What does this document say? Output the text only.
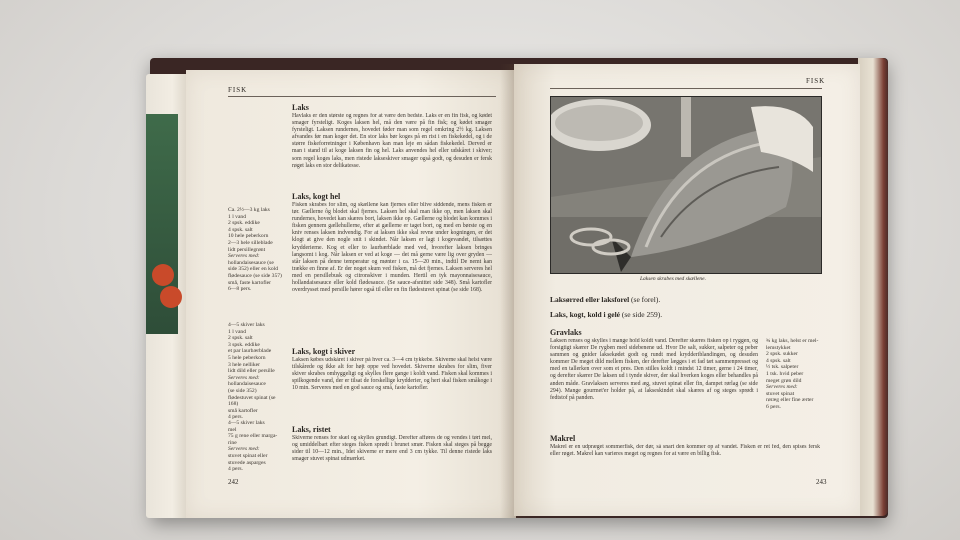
FISK
Laks
Havlaks er den største og regnes for at være den bedste. Laks er en fin fisk, og kødet smager fyrsteligt. Koges laksen hel, må den være på fin fisk; og kødet smager fyrsteligt. Laksen rundernes, hovedet føder man som regel omkring 2½ kg. Laksen afvandes før man koger det. En stor laks bør koges på en rist i en fiskekedel, og i de større fiskeforretninger i København kan man leje en sådan fiskekedel. Derved er man i stand til at koge laksen fin og hel. Laks anvendes hel eller udskåret i skiver; som regel koges laks, men ristede lakseskiver smager også godt, og desuden er fersk røget laks en stor delikatesse.
Laks, kogt hel
Fisken skrabes for slim, og skællene kan fjernes eller blive siddende, mens fisken er tør. Gællerne ôg blodet skal fjernes. Laksen hel skal man ikke op, men laksen skal rundernes, hovedet kan skæres bort, laksen ikke op. Gællerne og blodet kan kommes i fisken gennem gællehullerne, efter at gællerne er taget bort, og med en børste og en kniv renses laksen indvendig. For at laksen ikke skal revne under kogningen, er det klogt at give den nogle snit i skindet. Når laksen er lagt i kogevandet, tilsættes krydderierne. Kog et eller to laurbærblade med ved, hvorefter laksen bringes langsomt i kog. Når laksen er ved at koge — det må gerne være lig over gryden — står laksen på denne temperatur og mønter i ca. 15—20 min., indtil De nemt kan trække en finne af. Er der noget skum ved fisken, må det fjernes. Laksen serveres hel med en persillebusk og citronskiver i munden. Hertil en tyk mayonnaisesauce, hollandaisesauce eller kold flødesauce. (Se sauce-afsnittet side 348). Små kartofler overdrysset med persille hører også til eller en fin flødestuvet spinat (se side 168).
Laks, kogt i skiver
Laksen købes udskåret i skiver på hver ca. 3—4 cm tykkebe. Skiverne skal helst være tilskårede og ikke alt for højt oppe ved hovedet. Skiverne skrabes for slim, fiver skiver skrabes omhyggeligt og skylles flere gange i koldt vand. Fisken skal kommes i spilkogende vand, der er tilsat de forskellige krydderier, og heri skal fisken småkoge i 10 min. Serveres med en god sauce og små, faste kartofler.
Laks, ristet
Skiverne renses for skæl og skylles grundigt. Derefter afføres de og vendes i tørt mel, og umiddelbart efter steges fisken sprødt i brunet smør. Fisken skal steges på begge sider til 10—12 min., Idet skiverne er mere end 3 cm tykke. Til denne ristede laks smager stuvet spinat udmærket.
Ca. 2½—3 kg laks
1 l vand
2 spsk. eddike
4 spsk. salt
10 hele peberkorn
2—3 hele silleblade
lidt persillegrønt
Serveres med:
hollandaisesauce (se
side 352) eller en kold
flødesauce (se side 357)
små, faste kartofler
6—8 pers.
4—5 skiver laks
1 l vand
2 spsk. salt
3 spsk. eddike
et par laurbærblade
5 hele peberkorn
3 hele nelliker
lidt dild eller persille
Serveres med:
hollandaisesauce
(se side 352)
flødestuvet spinat (se
168)
små kartofler
4 pers.
4—5 skiver laks
mel
75 g rene eller marga-
rine
Serveres med:
stuvet spinat eller
stuvede asparges
4 pers.
242
FISK
Laksen skrabes med skællene.
Laksørred eller laksforel (se forel).
Laks, kogt, kold i gelé (se side 259).
Gravlaks
Laksen renses og skylles i mange hold koldt vand. Derefter skæres fisken op i ryggen, og forsigtigt skærer De rygben med sidebenene ud. Hvor De salt, sukker, salpeter og peber sammen og gnider laksekødet godt og rundt med krydderiblandingen, og desuden kommer De meget dild mellem fisken, der derefter lægges i et fad tæt sammenpresset og med en tallerken over som et pres. Den stilles koldt i mindst 12 timer, gerne i 24 timer, og derefter skærer De laksen ud i tynde skiver, der skal hverken koges eller behandles på anden måde. Gravlaksen serveres med æg, stuvet spinat eller fin, dampet rørlag (se side 294). Mange gourmet'er holder på, at lakseskindet skal skæres af og steges sprødt i fedtstof på panden.
¾ kg laks, helst er mel-
lemstykket
2 spsk. sukker
4 spsk. salt
½ tsk. salpeter
1 tsk. hvid peber
meget grøn dild
Serveres med:
stuvet spinat
røræg eller fine ærter
6 pers.
Makrel
Makrel er en udpræget sommerfisk, der dør, så snart den kommer op af vandet. Fisken er ret fed, den spises fersk eller røget. Makrel kan varieres meget og regnes for at være en billig fisk.
243
